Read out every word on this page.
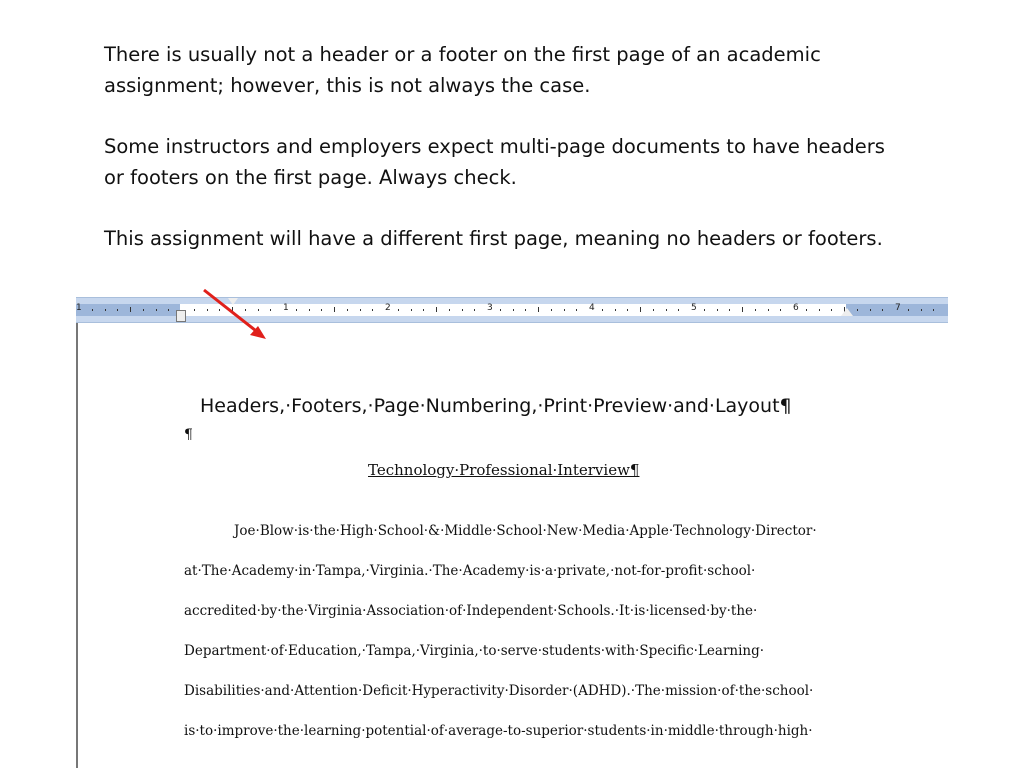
There is usually not a header or a footer on the first page of an academic assignment; however, this is not always the case.

Some instructors and employers expect multi-page documents to have headers or footers on the first page. Always check.

This assignment will have a different first page, meaning no headers or footers.

1	1	2	3	4	5	6	7
Headers,·Footers,·Page·Numbering,·Print·Preview·and·Layout¶
¶
Technology·Professional·Interview¶
Joe·Blow·is·the·High·School·&·Middle·School·New·Media·Apple·Technology·Director·
at·The·Academy·in·Tampa,·Virginia.·The·Academy·is·a·private,·not-for-profit·school·
accredited·by·the·Virginia·Association·of·Independent·Schools.·It·is·licensed·by·the·
Department·of·Education,·Tampa,·Virginia,·to·serve·students·with·Specific·Learning·
Disabilities·and·Attention·Deficit·Hyperactivity·Disorder·(ADHD).·The·mission·of·the·school·
is·to·improve·the·learning·potential·of·average-to-superior·students·in·middle·through·high·
